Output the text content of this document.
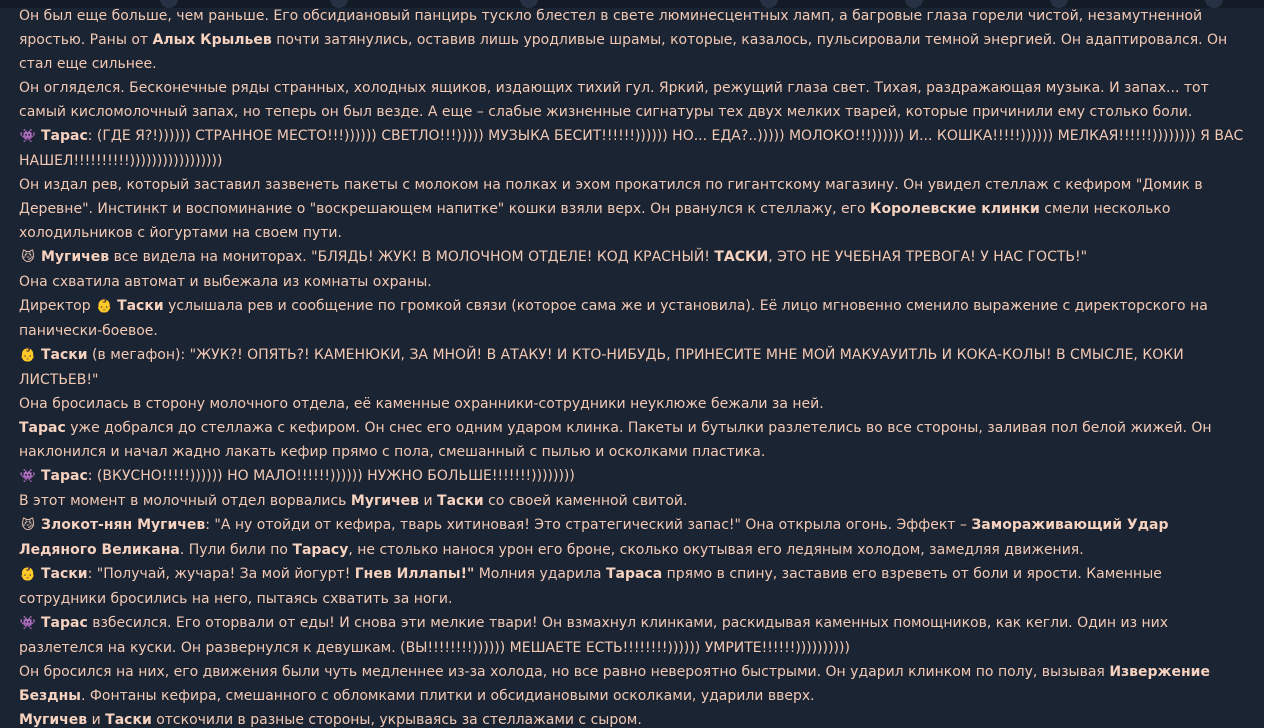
Он был еще больше, чем раньше. Его обсидиановый панцирь тускло блестел в свете люминесцентных ламп, а багровые глаза горели чистой, незамутненной яростью. Раны от Алых Крыльев почти затянулись, оставив лишь уродливые шрамы, которые, казалось, пульсировали темной энергией. Он адаптировался. Он стал еще сильнее.

Он огляделся. Бесконечные ряды странных, холодных ящиков, издающих тихий гул. Яркий, режущий глаза свет. Тихая, раздражающая музыка. И запах... тот самый кисломолочный запах, но теперь он был везде. А еще – слабые жизненные сигнатуры тех двух мелких тварей, которые причинили ему столько боли.

👾Тарас: (ГДЕ Я?!)))))) СТРАННОЕ МЕСТО!!!)))))) СВЕТЛО!!!))))) МУЗЫКА БЕСИТ!!!!!!)))))) НО... ЕДА?..))))) МОЛОКО!!!)))))) И... КОШКА!!!!!)))))) МЕЛКАЯ!!!!!!)))))))) Я ВАС НАШЕЛ!!!!!!!!!!)))))))))))))))))

Он издал рев, который заставил зазвенеть пакеты с молоком на полках и эхом прокатился по гигантскому магазину. Он увидел стеллаж с кефиром "Домик в Деревне". Инстинкт и воспоминание о "воскрешающем напитке" кошки взяли верх. Он рванулся к стеллажу, его Королевские клинки смели несколько холодильников с йогуртами на своем пути.

😼Мугичев все видела на мониторах. "БЛЯДЬ! ЖУК! В МОЛОЧНОМ ОТДЕЛЕ! КОД КРАСНЫЙ! ТАСКИ, ЭТО НЕ УЧЕБНАЯ ТРЕВОГА! У НАС ГОСТЬ!"

Она схватила автомат и выбежала из комнаты охраны.

Директор 👶Таски услышала рев и сообщение по громкой связи (которое сама же и установила). Её лицо мгновенно сменило выражение с директорского на панически-боевое.

👶Таски (в мегафон): "ЖУК?! ОПЯТЬ?! КАМЕНЮКИ, ЗА МНОЙ! В АТАКУ! И КТО-НИБУДЬ, ПРИНЕСИТЕ МНЕ МОЙ МАКУАУИТЛЬ И КОКА-КОЛЫ! В СМЫСЛЕ, КОКИ ЛИСТЬЕВ!"

Она бросилась в сторону молочного отдела, её каменные охранники-сотрудники неуклюже бежали за ней.

Тарас уже добрался до стеллажа с кефиром. Он снес его одним ударом клинка. Пакеты и бутылки разлетелись во все стороны, заливая пол белой жижей. Он наклонился и начал жадно лакать кефир прямо с пола, смешанный с пылью и осколками пластика.

👾Тарас: (ВКУСНО!!!!!)))))) НО МАЛО!!!!!!)))))) НУЖНО БОЛЬШЕ!!!!!!!))))))))

В этот момент в молочный отдел ворвались Мугичев и Таски со своей каменной свитой.

😼Злокот-нян Мугичев: "А ну отойди от кефира, тварь хитиновая! Это стратегический запас!" Она открыла огонь. Эффект – Замораживающий Удар Ледяного Великана. Пули били по Тарасу, не столько нанося урон его броне, сколько окутывая его ледяным холодом, замедляя движения.

👶Таски: "Получай, жучара! За мой йогурт! Гнев Иллапы!" Молния ударила Тараса прямо в спину, заставив его взреветь от боли и ярости. Каменные сотрудники бросились на него, пытаясь схватить за ноги.

👾Тарас взбесился. Его оторвали от еды! И снова эти мелкие твари! Он взмахнул клинками, раскидывая каменных помощников, как кегли. Один из них разлетелся на куски. Он развернулся к девушкам. (ВЫ!!!!!!!!)))))) МЕШАЕТЕ ЕСТЬ!!!!!!!!)))))) УМРИТЕ!!!!!!))))))))))

Он бросился на них, его движения были чуть медленнее из-за холода, но все равно невероятно быстрыми. Он ударил клинком по полу, вызывая Извержение Бездны. Фонтаны кефира, смешанного с обломками плитки и обсидиановыми осколками, ударили вверх.

Мугичев и Таски отскочили в разные стороны, укрываясь за стеллажами с сыром.
